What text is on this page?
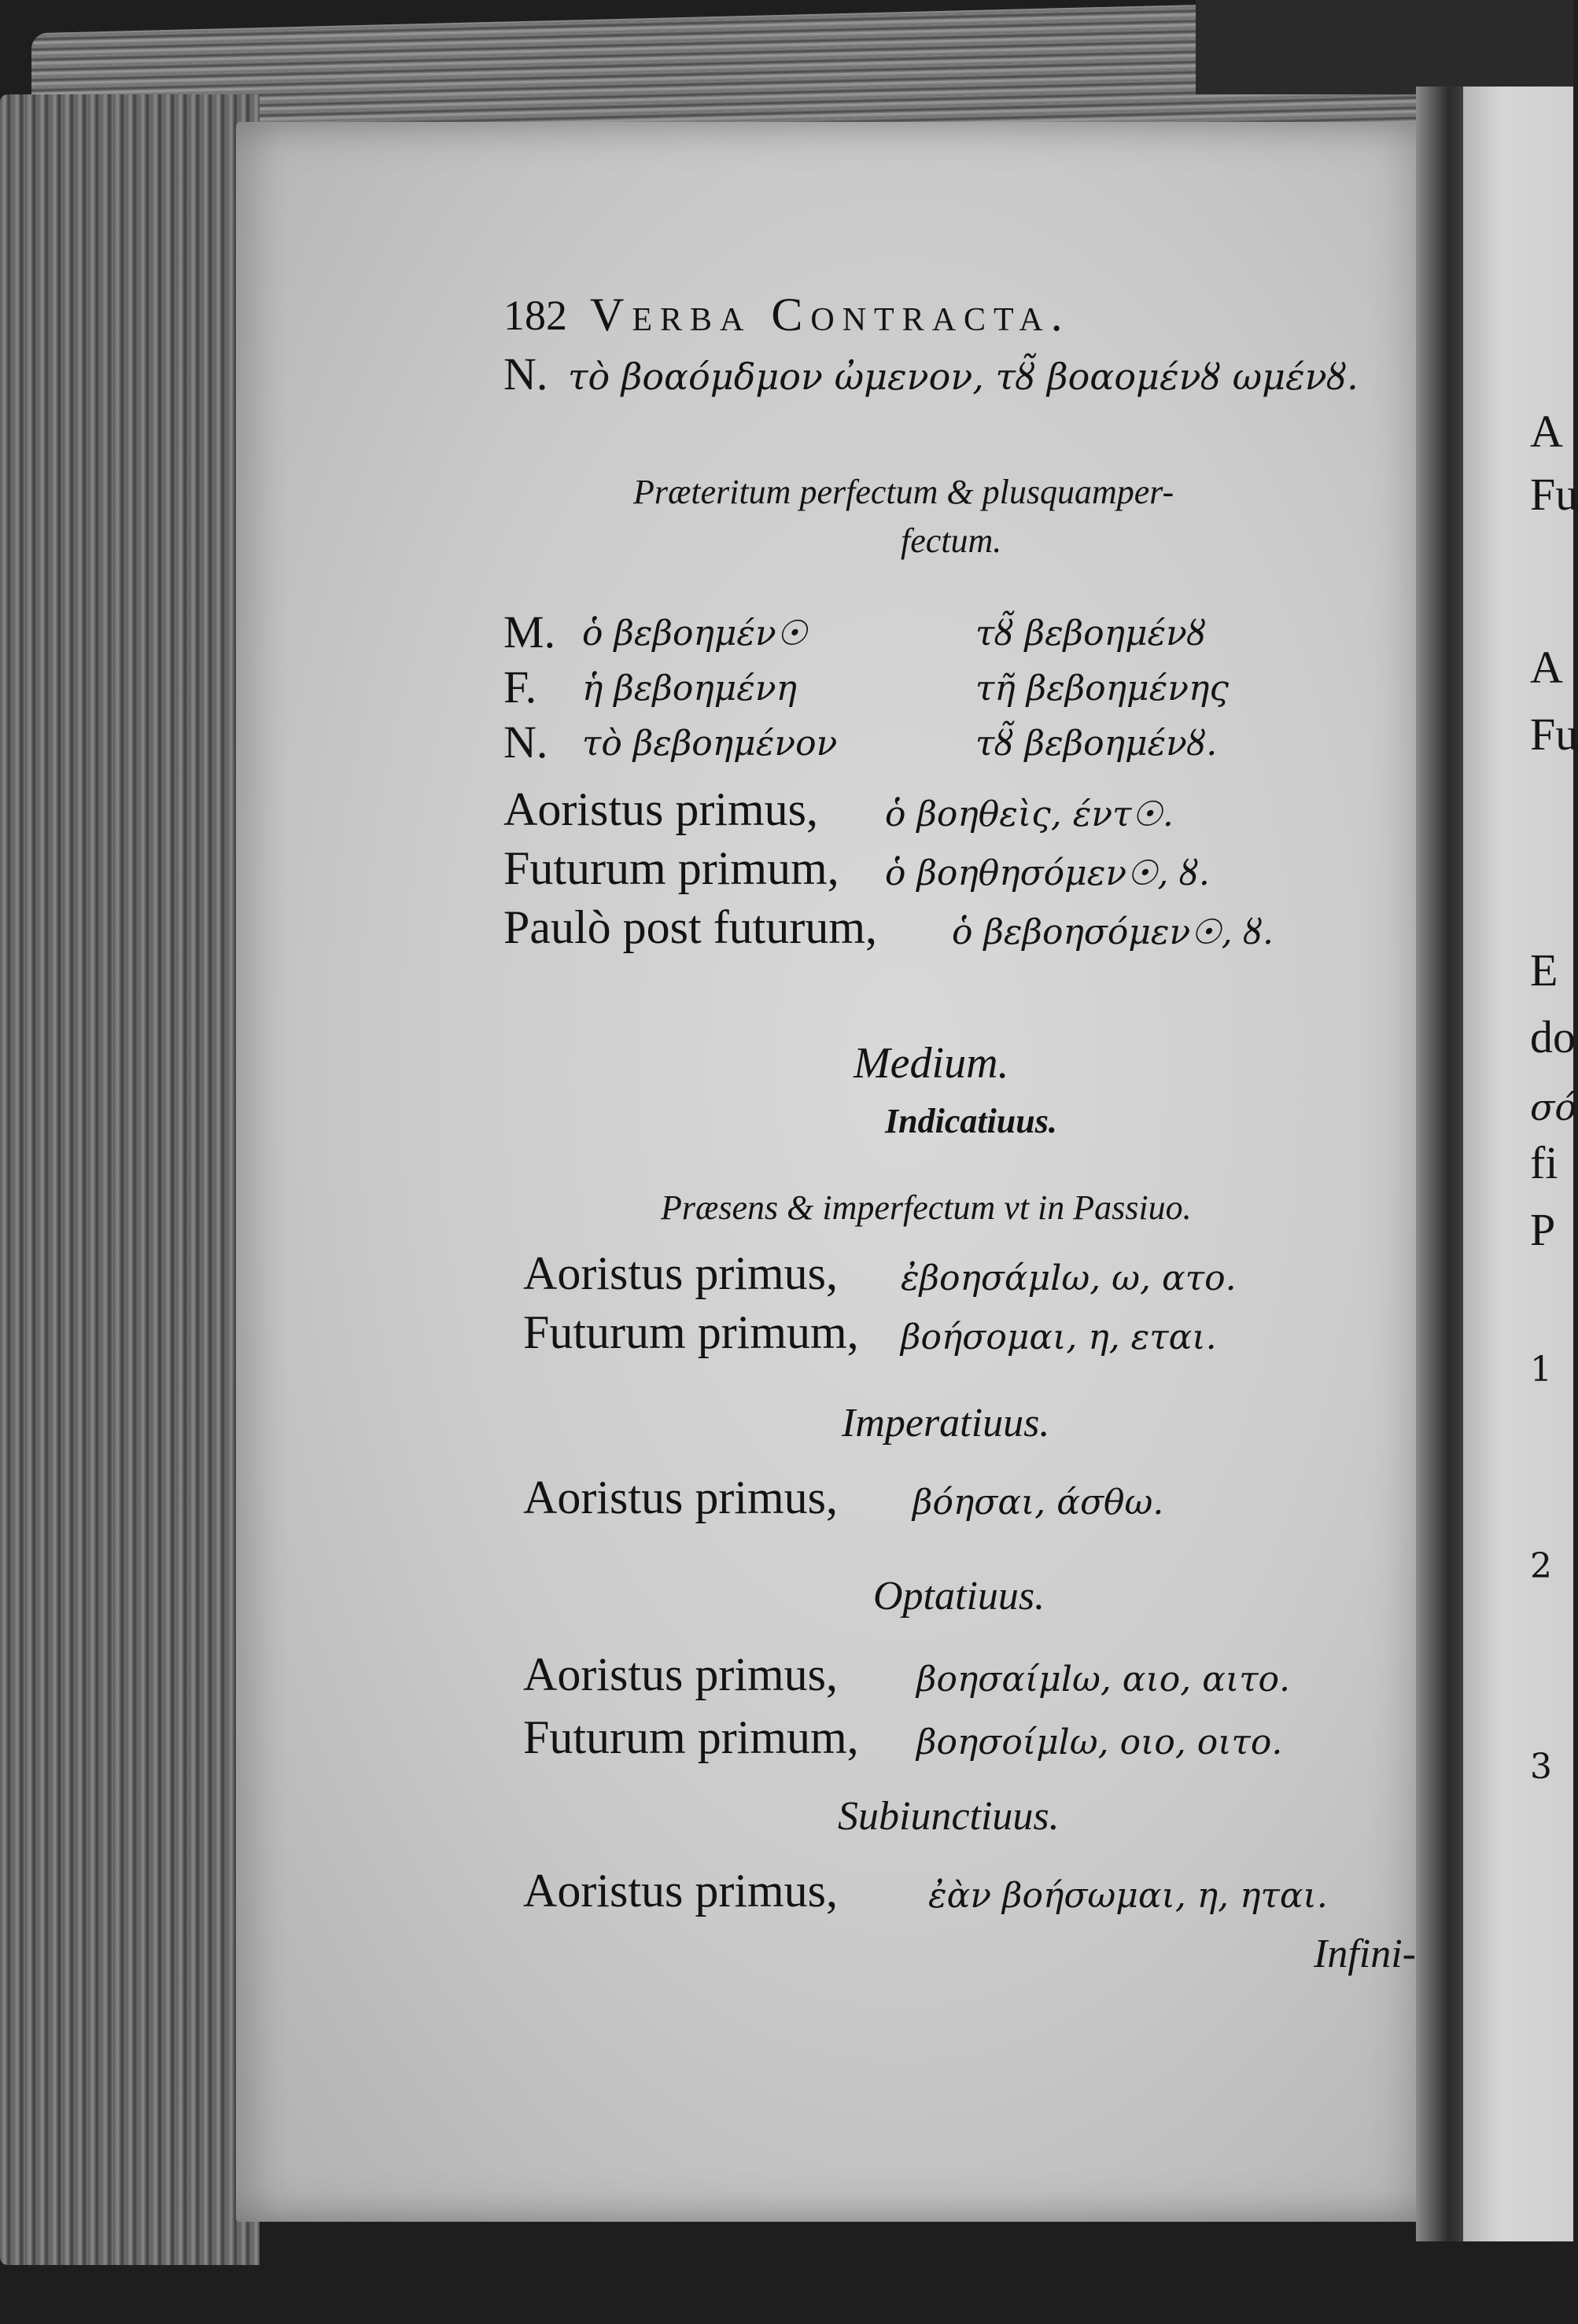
A
Fu
A
Fu
E
do
σό
fi
P
1
2
3
182 Verba Contracta.
N. τὸ βοαόμδμον ὠμενον, τȣ̃ βοαομένȣ ωμένȣ.
Præteritum perfectum & plusquamper-
fectum.
M. ὁ βεβοημέν☉	τȣ̃ βεβοημένȣ
F. ἡ βεβοημένη	τῆ βεβοημένης
N. τὸ βεβοημένον	τȣ̃ βεβοημένȣ.
Aoristus primus, ὁ βοηθεὶς, έντ☉.
Futurum primum, ὁ βοηθησόμεν☉, ȣ.
Paulò post futurum, ὁ βεβοησόμεν☉, ȣ.
Medium.
Indicatiuus.
Præsens & imperfectum vt in Passiuo.
Aoristus primus, ἐβοησάμlω, ω, ατο.
Futurum primum, βοήσομαι, η, εται.
Imperatiuus.
Aoristus primus, βόησαι, άσθω.
Optatiuus.
Aoristus primus, βοησαίμlω, αιο, αιτο.
Futurum primum, βοησοίμlω, οιο, οιτο.
Subiunctiuus.
Aoristus primus,	ἐὰν βοήσωμαι, η, ηται.
Infini-
